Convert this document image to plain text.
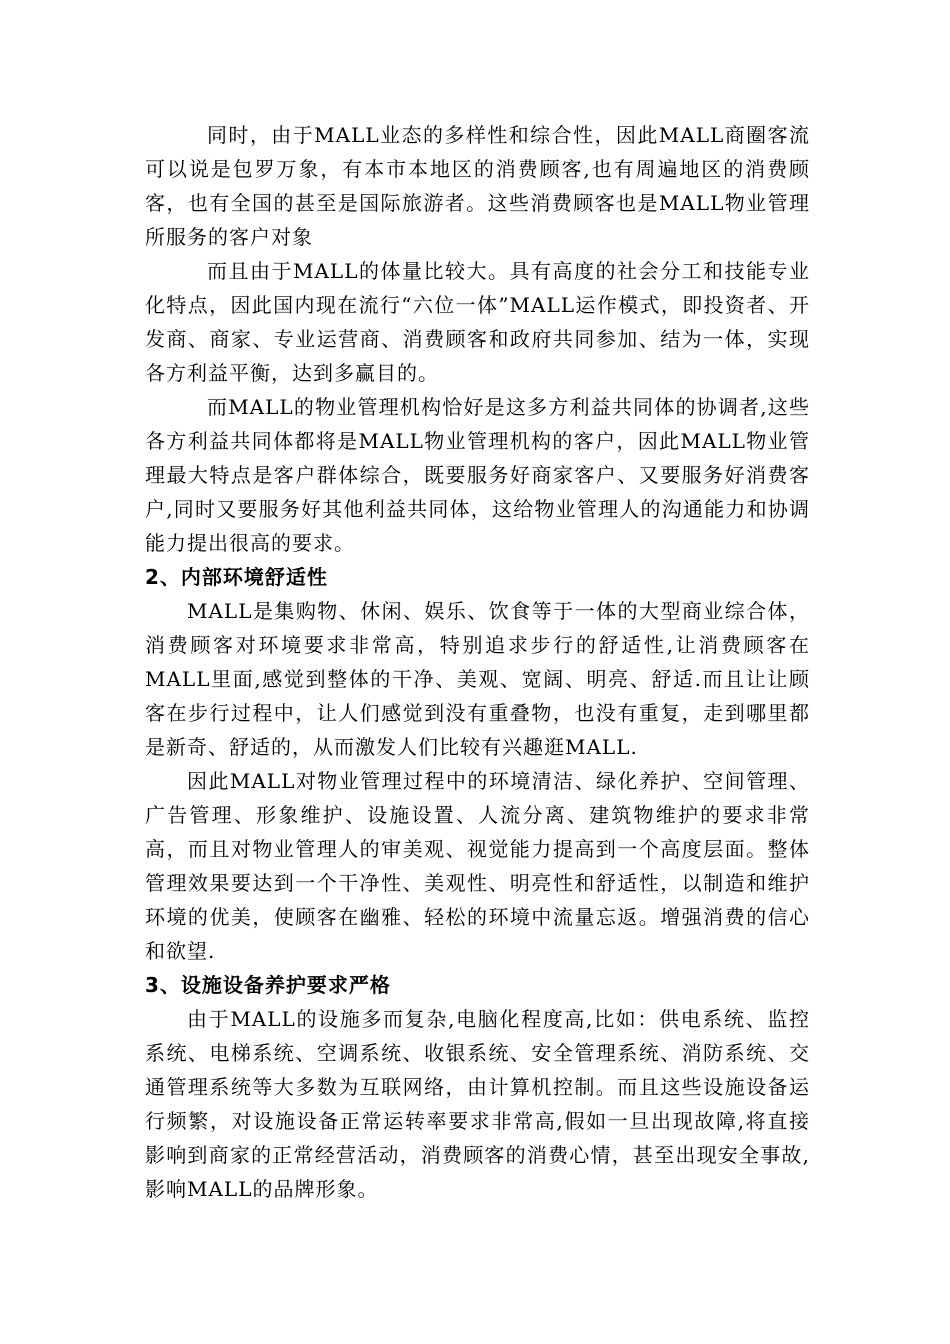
同时，由于MALL业态的多样性和综合性，因此MALL商圈客流可以说是包罗万象，有本市本地区的消费顾客,也有周遍地区的消费顾客，也有全国的甚至是国际旅游者。这些消费顾客也是MALL物业管理所服务的客户对象

而且由于MALL的体量比较大。具有高度的社会分工和技能专业化特点，因此国内现在流行“六位一体”MALL运作模式，即投资者、开发商、商家、专业运营商、消费顾客和政府共同参加、结为一体，实现各方利益平衡，达到多赢目的。

而MALL的物业管理机构恰好是这多方利益共同体的协调者,这些各方利益共同体都将是MALL物业管理机构的客户，因此MALL物业管理最大特点是客户群体综合，既要服务好商家客户、又要服务好消费客户,同时又要服务好其他利益共同体，这给物业管理人的沟通能力和协调能力提出很高的要求。

2、内部环境舒适性

MALL是集购物、休闲、娱乐、饮食等于一体的大型商业综合体，消费顾客对环境要求非常高，特别追求步行的舒适性,让消费顾客在MALL里面,感觉到整体的干净、美观、宽阔、明亮、舒适.而且让让顾客在步行过程中，让人们感觉到没有重叠物，也没有重复，走到哪里都是新奇、舒适的，从而激发人们比较有兴趣逛MALL.

因此MALL对物业管理过程中的环境清洁、绿化养护、空间管理、广告管理、形象维护、设施设置、人流分离、建筑物维护的要求非常高，而且对物业管理人的审美观、视觉能力提高到一个高度层面。整体管理效果要达到一个干净性、美观性、明亮性和舒适性，以制造和维护环境的优美，使顾客在幽雅、轻松的环境中流量忘返。增强消费的信心和欲望.

3、设施设备养护要求严格

由于MALL的设施多而复杂,电脑化程度高,比如：供电系统、监控系统、电梯系统、空调系统、收银系统、安全管理系统、消防系统、交通管理系统等大多数为互联网络，由计算机控制。而且这些设施设备运行频繁，对设施设备正常运转率要求非常高,假如一旦出现故障,将直接影响到商家的正常经营活动，消费顾客的消费心情，甚至出现安全事故,影响MALL的品牌形象。
